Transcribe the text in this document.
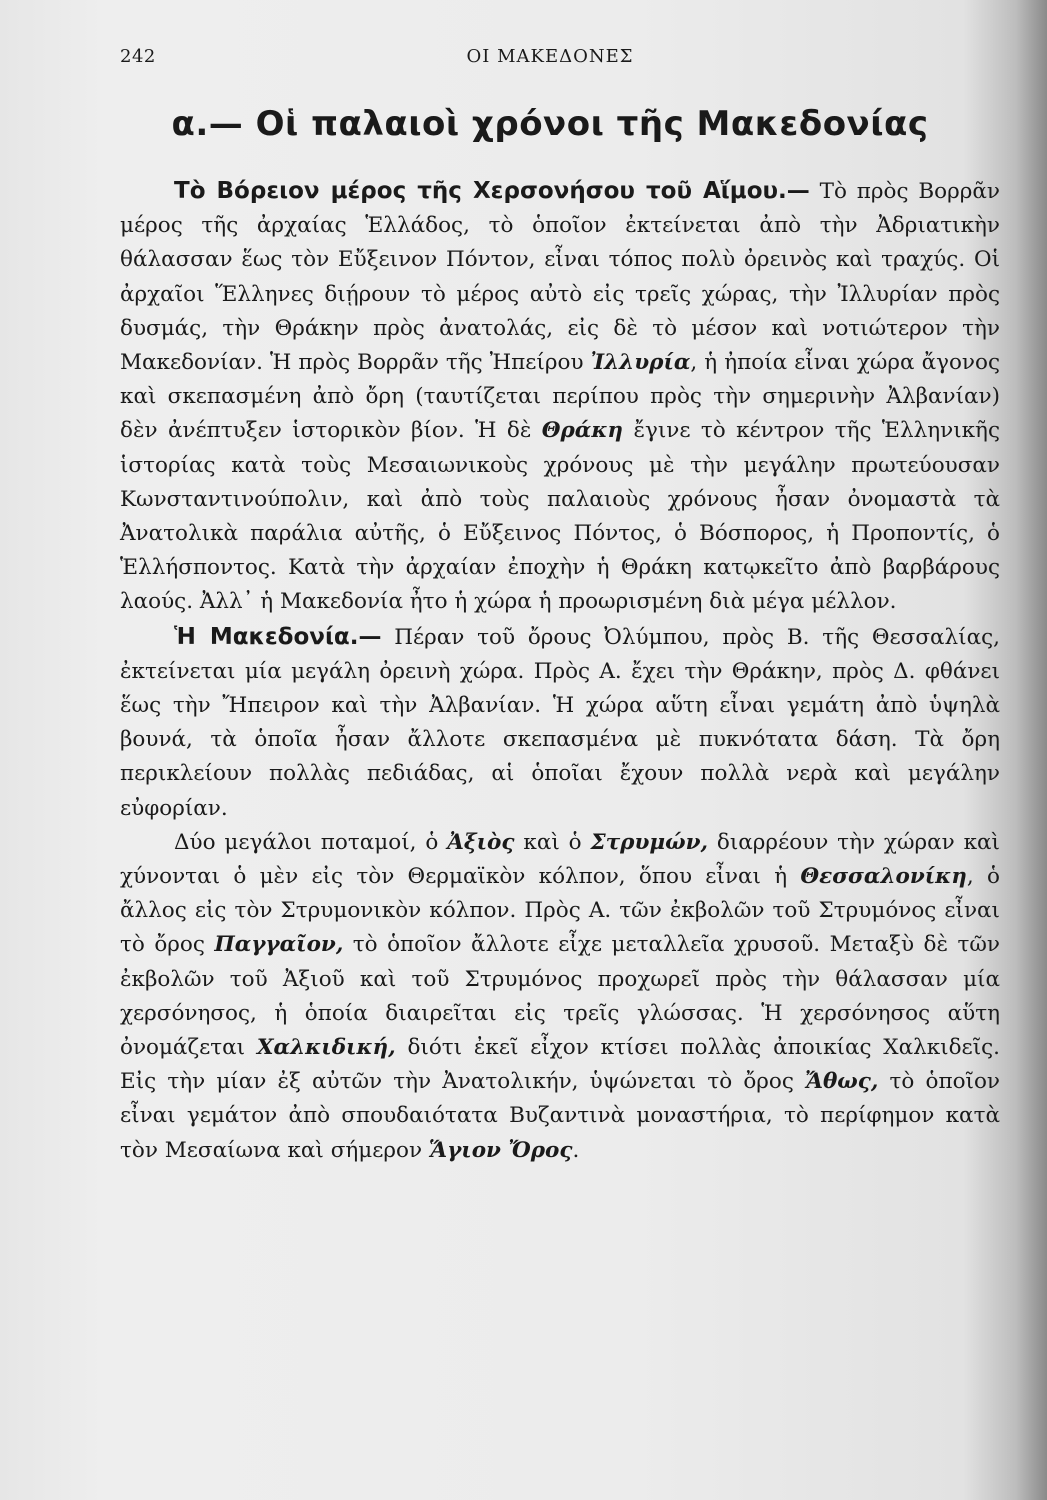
242	ΟΙ ΜΑΚΕΔΟΝΕΣ
α.— Οἱ παλαιοὶ χρόνοι τῆς Μακεδονίας

Τὸ Βόρειον μέρος τῆς Χερσονήσου τοῦ Αἵμου.— Τὸ πρὸς Βορρᾶν μέρος τῆς ἀρχαίας Ἑλλάδος, τὸ ὁποῖον ἐκτείνεται ἀπὸ τὴν Ἀδριατικὴν θάλασσαν ἕως τὸν Εὔξεινον Πόντον, εἶναι τόπος πολὺ ὀρεινὸς καὶ τραχύς. Οἱ ἀρχαῖοι Ἕλληνες διῄρουν τὸ μέρος αὐτὸ εἰς τρεῖς χώρας, τὴν Ἰλλυρίαν πρὸς δυσμάς, τὴν Θράκην πρὸς ἀνατολάς, εἰς δὲ τὸ μέσον καὶ νοτιώτερον τὴν Μακεδονίαν. Ἡ πρὸς Βορρᾶν τῆς Ἠπείρου Ἰλλυρία, ἡ ἠποία εἶναι χώρα ἄγονος καὶ σκεπασμένη ἀπὸ ὄρη (ταυτίζεται περίπου πρὸς τὴν σημερινὴν Ἀλβανίαν) δὲν ἀνέπτυξεν ἱστορικὸν βίον. Ἡ δὲ Θράκη ἔγινε τὸ κέντρον τῆς Ἑλληνικῆς ἱστορίας κατὰ τοὺς Μεσαιωνικοὺς χρόνους μὲ τὴν μεγάλην πρωτεύουσαν Κωνσταντινούπολιν, καὶ ἀπὸ τοὺς παλαιοὺς χρόνους ἦσαν ὀνομαστὰ τὰ Ἀνατολικὰ παράλια αὐτῆς, ὁ Εὔξεινος Πόντος, ὁ Βόσπορος, ἡ Προποντίς, ὁ Ἑλλήσποντος. Κατὰ τὴν ἀρχαίαν ἐποχὴν ἡ Θράκη κατῳκεῖτο ἀπὸ βαρβάρους λαούς. Ἀλλ᾽ ἡ Μακεδονία ἦτο ἡ χώρα ἡ προωρισμένη διὰ μέγα μέλλον.

Ἡ Μακεδονία.— Πέραν τοῦ ὄρους Ὀλύμπου, πρὸς Β. τῆς Θεσσαλίας, ἐκτείνεται μία μεγάλη ὀρεινὴ χώρα. Πρὸς Α. ἔχει τὴν Θράκην, πρὸς Δ. φθάνει ἕως τὴν Ἤπειρον καὶ τὴν Ἀλβανίαν. Ἡ χώρα αὕτη εἶναι γεμάτη ἀπὸ ὑψηλὰ βουνά, τὰ ὁποῖα ἦσαν ἄλλοτε σκεπασμένα μὲ πυκνότατα δάση. Τὰ ὄρη περικλείουν πολλὰς πεδιάδας, αἱ ὁποῖαι ἔχουν πολλὰ νερὰ καὶ μεγάλην εὐφορίαν.

Δύο μεγάλοι ποταμοί, ὁ Ἀξιὸς καὶ ὁ Στρυμών, διαρρέουν τὴν χώραν καὶ χύνονται ὁ μὲν εἰς τὸν Θερμαϊκὸν κόλπον, ὅπου εἶναι ἡ Θεσσαλονίκη, ὁ ἄλλος εἰς τὸν Στρυμονικὸν κόλπον. Πρὸς Α. τῶν ἐκβολῶν τοῦ Στρυμόνος εἶναι τὸ ὄρος Παγγαῖον, τὸ ὁποῖον ἄλλοτε εἶχε μεταλλεῖα χρυσοῦ. Μεταξὺ δὲ τῶν ἐκβολῶν τοῦ Ἀξιοῦ καὶ τοῦ Στρυμόνος προχωρεῖ πρὸς τὴν θάλασσαν μία χερσόνησος, ἡ ὁποία διαιρεῖται εἰς τρεῖς γλώσσας. Ἡ χερσόνησος αὕτη ὀνομάζεται Χαλκιδική, διότι ἐκεῖ εἶχον κτίσει πολλὰς ἀποικίας Χαλκιδεῖς. Εἰς τὴν μίαν ἐξ αὐτῶν τὴν Ἀνατολικήν, ὑψώνεται τὸ ὄρος Ἄθως, τὸ ὁποῖον εἶναι γεμάτον ἀπὸ σπουδαιότατα Βυζαντινὰ μοναστήρια, τὸ περίφημον κατὰ τὸν Μεσαίωνα καὶ σήμερον Ἅγιον Ὄρος.
